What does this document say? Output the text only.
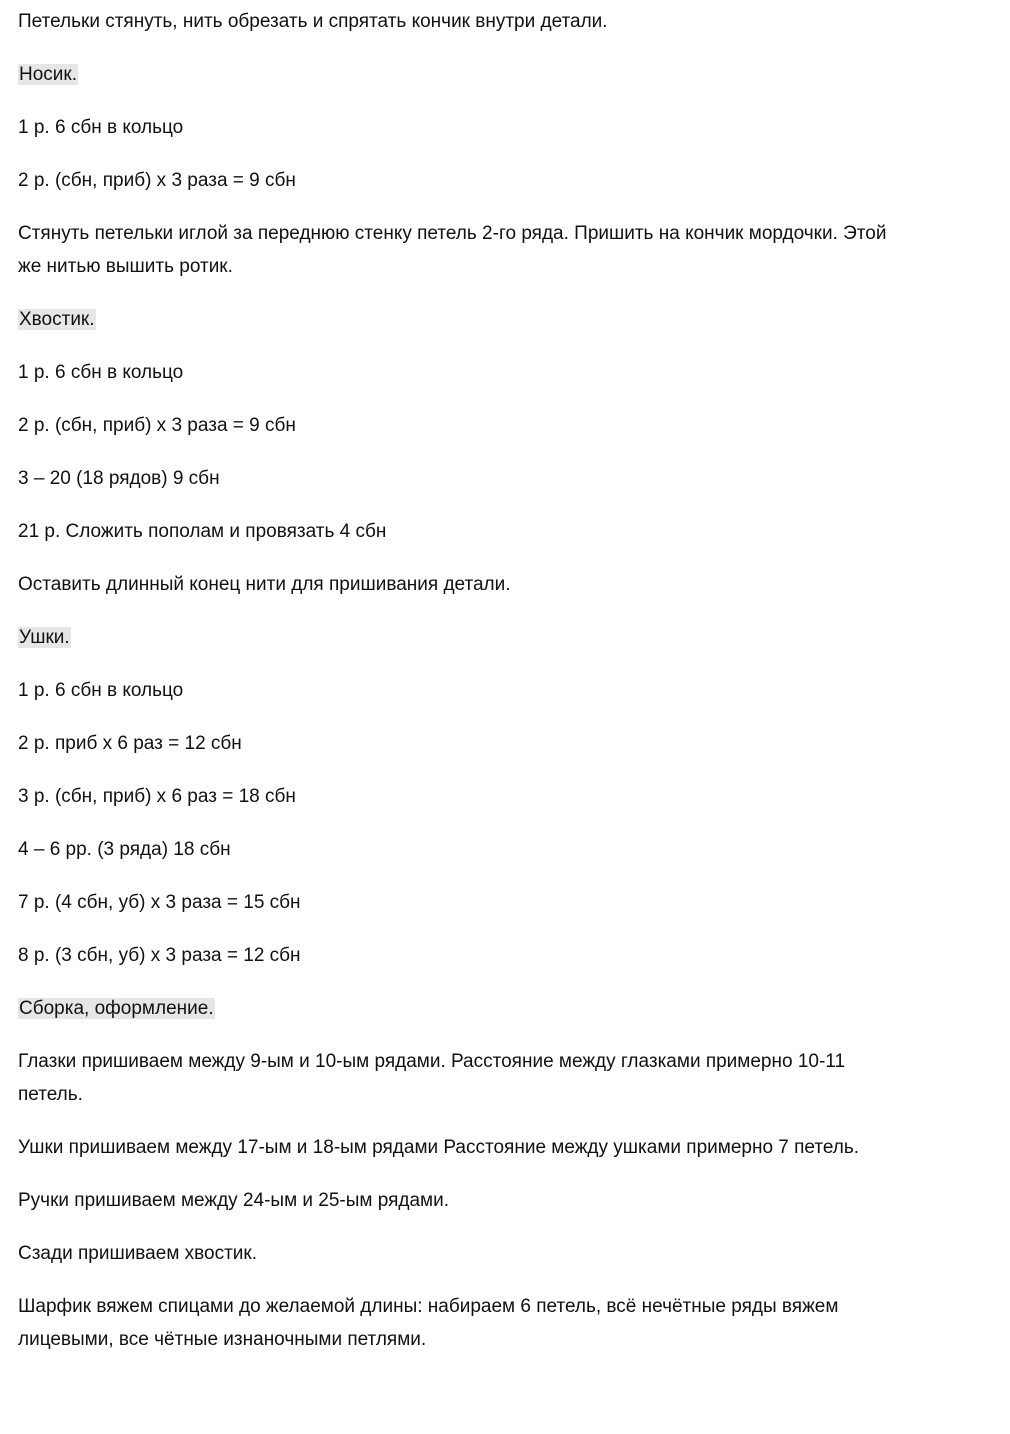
Петельки стянуть, нить обрезать и спрятать кончик внутри детали.
Носик.
1 р. 6 сбн в кольцо
2 р. (сбн, приб) х 3 раза = 9 сбн
Стянуть петельки иглой за переднюю стенку петель 2-го ряда. Пришить на кончик мордочки. Этой
же нитью вышить ротик.
Хвостик.
1 р. 6 сбн в кольцо
2 р. (сбн, приб) х 3 раза = 9 сбн
3 – 20 (18 рядов) 9 сбн
21 р. Сложить пополам и провязать 4 сбн
Оставить длинный конец нити для пришивания детали.
Ушки.
1 р. 6 сбн в кольцо
2 р. приб х 6 раз = 12 сбн
3 р. (сбн, приб) х 6 раз = 18 сбн
4 – 6 рр. (3 ряда) 18 сбн
7 р. (4 сбн, уб) х 3 раза = 15 сбн
8 р. (3 сбн, уб) х 3 раза = 12 сбн
Сборка, оформление.
Глазки пришиваем между 9-ым и 10-ым рядами. Расстояние между глазками примерно 10-11
петель.
Ушки пришиваем между 17-ым и 18-ым рядами Расстояние между ушками примерно 7 петель.
Ручки пришиваем между 24-ым и 25-ым рядами.
Сзади пришиваем хвостик.
Шарфик вяжем спицами до желаемой длины: набираем 6 петель, всё нечётные ряды вяжем
лицевыми, все чётные изнаночными петлями.
